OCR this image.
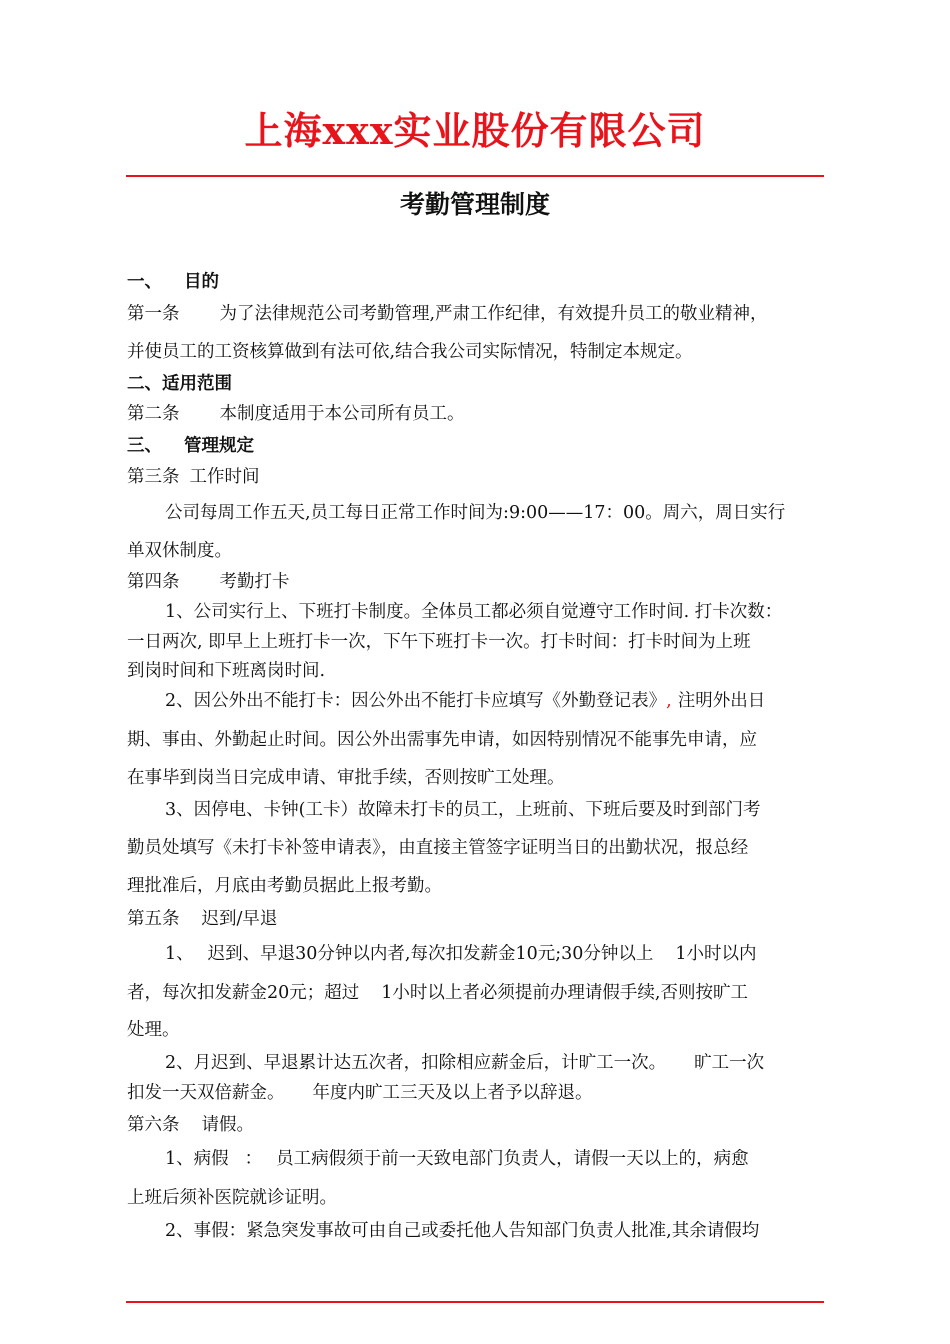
上海xxx实业股份有限公司
考勤管理制度
一、 目的
第一条 为了法律规范公司考勤管理,严肃工作纪律，有效提升员工的敬业精神，
并使员工的工资核算做到有法可依,结合我公司实际情况，特制定本规定。
二、适用范围
第二条 本制度适用于本公司所有员工。
三、 管理规定
第三条 工作时间
公司每周工作五天,员工每日正常工作时间为:9:00——17：00。周六，周日实行
单双休制度。
第四条 考勤打卡
1、公司实行上、下班打卡制度。全体员工都必须自觉遵守工作时间. 打卡次数：
一日两次, 即早上上班打卡一次，下午下班打卡一次。打卡时间：打卡时间为上班
到岗时间和下班离岗时间.
2、因公外出不能打卡：因公外出不能打卡应填写《外勤登记表》, 注明外出日
期、事由、外勤起止时间。因公外出需事先申请，如因特别情况不能事先申请，应
在事毕到岗当日完成申请、审批手续，否则按旷工处理。
3、因停电、卡钟(工卡）故障未打卡的员工，上班前、下班后要及时到部门考
勤员处填写《未打卡补签申请表》，由直接主管签字证明当日的出勤状况，报总经
理批准后，月底由考勤员据此上报考勤。
第五条 迟到/早退
1、 迟到、早退30分钟以内者,每次扣发薪金10元;30分钟以上 1小时以内
者，每次扣发薪金20元；超过 1小时以上者必须提前办理请假手续,否则按旷工
处理。
2、月迟到、早退累计达五次者，扣除相应薪金后，计旷工一次。 旷工一次
扣发一天双倍薪金。 年度内旷工三天及以上者予以辞退。
第六条 请假。
1、病假 ： 员工病假须于前一天致电部门负责人，请假一天以上的，病愈
上班后须补医院就诊证明。
2、事假：紧急突发事故可由自己或委托他人告知部门负责人批准,其余请假均
